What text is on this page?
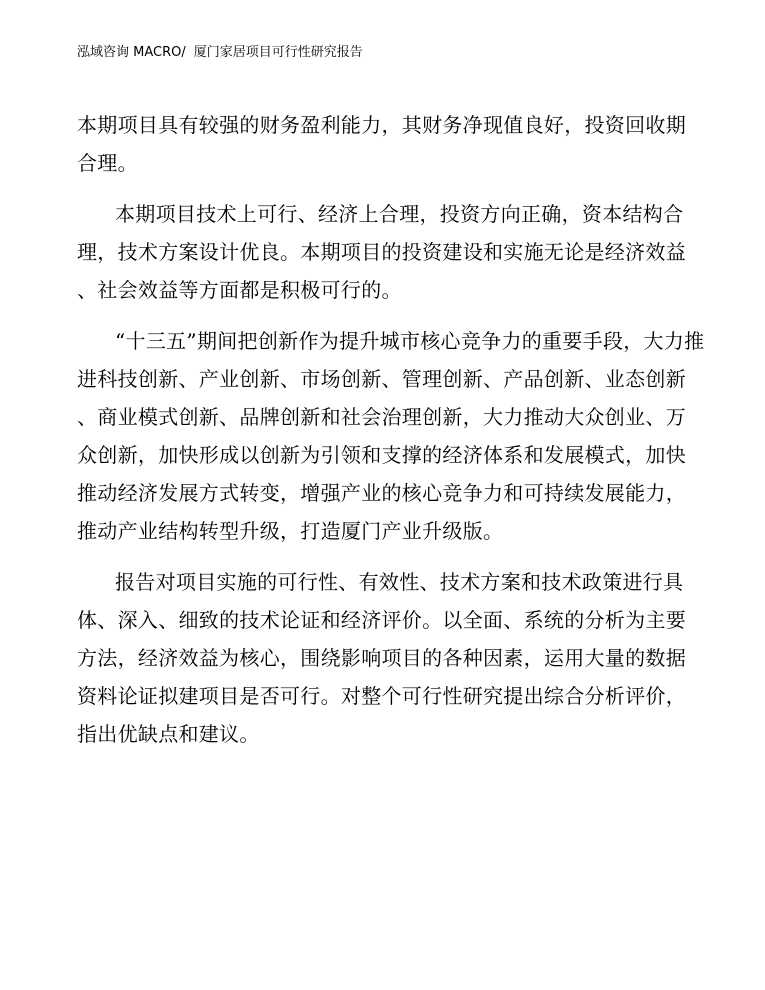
泓域咨询 MACRO/ 厦门家居项目可行性研究报告
本期项目具有较强的财务盈利能力，其财务净现值良好，投资回收期
合理。
本期项目技术上可行、经济上合理，投资方向正确，资本结构合
理，技术方案设计优良。本期项目的投资建设和实施无论是经济效益
、社会效益等方面都是积极可行的。
“十三五”期间把创新作为提升城市核心竞争力的重要手段，大力推
进科技创新、产业创新、市场创新、管理创新、产品创新、业态创新
、商业模式创新、品牌创新和社会治理创新，大力推动大众创业、万
众创新，加快形成以创新为引领和支撑的经济体系和发展模式，加快
推动经济发展方式转变，增强产业的核心竞争力和可持续发展能力，
推动产业结构转型升级，打造厦门产业升级版。
报告对项目实施的可行性、有效性、技术方案和技术政策进行具
体、深入、细致的技术论证和经济评价。以全面、系统的分析为主要
方法，经济效益为核心，围绕影响项目的各种因素，运用大量的数据
资料论证拟建项目是否可行。对整个可行性研究提出综合分析评价，
指出优缺点和建议。
